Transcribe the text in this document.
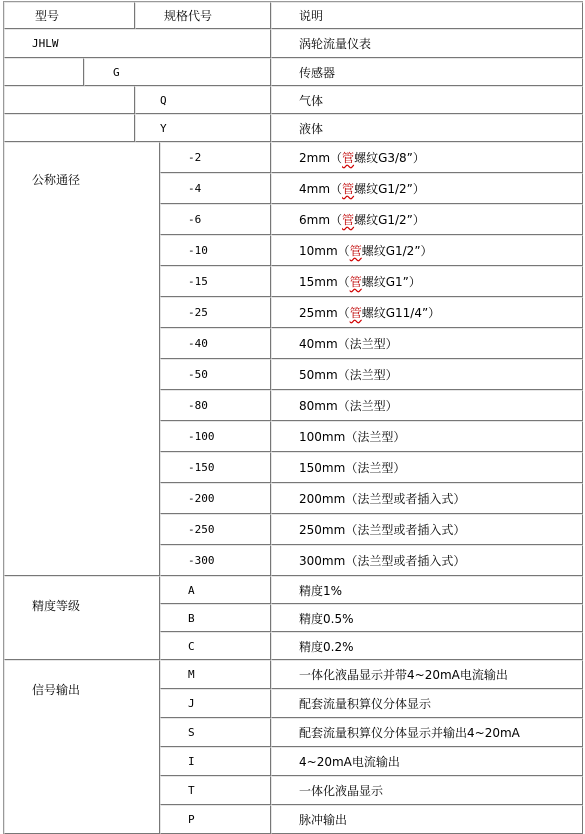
型号		规格代号		说明
JHLW				涡轮流量仪表
	G			传感器
		Q		气体
		Y		液体
公称通径			-2	2mm（管螺纹G3/8”）
			-4	4mm（管螺纹G1/2”）
			-6	6mm（管螺纹G1/2”）
			-10	10mm（管螺纹G1/2”）
			-15	15mm（管螺纹G1”）
			-25	25mm（管螺纹G11/4”）
			-40	40mm（法兰型）
			-50	50mm（法兰型）
			-80	80mm（法兰型）
			-100	100mm（法兰型）
			-150	150mm（法兰型）
			-200	200mm（法兰型或者插入式）
			-250	250mm（法兰型或者插入式）
			-300	300mm（法兰型或者插入式）
精度等级			A	精度1%
			B	精度0.5%
			C	精度0.2%
信号输出			M	一体化液晶显示并带4~20mA电流输出
			J	配套流量积算仪分体显示
			S	配套流量积算仪分体显示并输出4~20mA
			I	4~20mA电流输出
			T	一体化液晶显示
			P	脉冲输出
